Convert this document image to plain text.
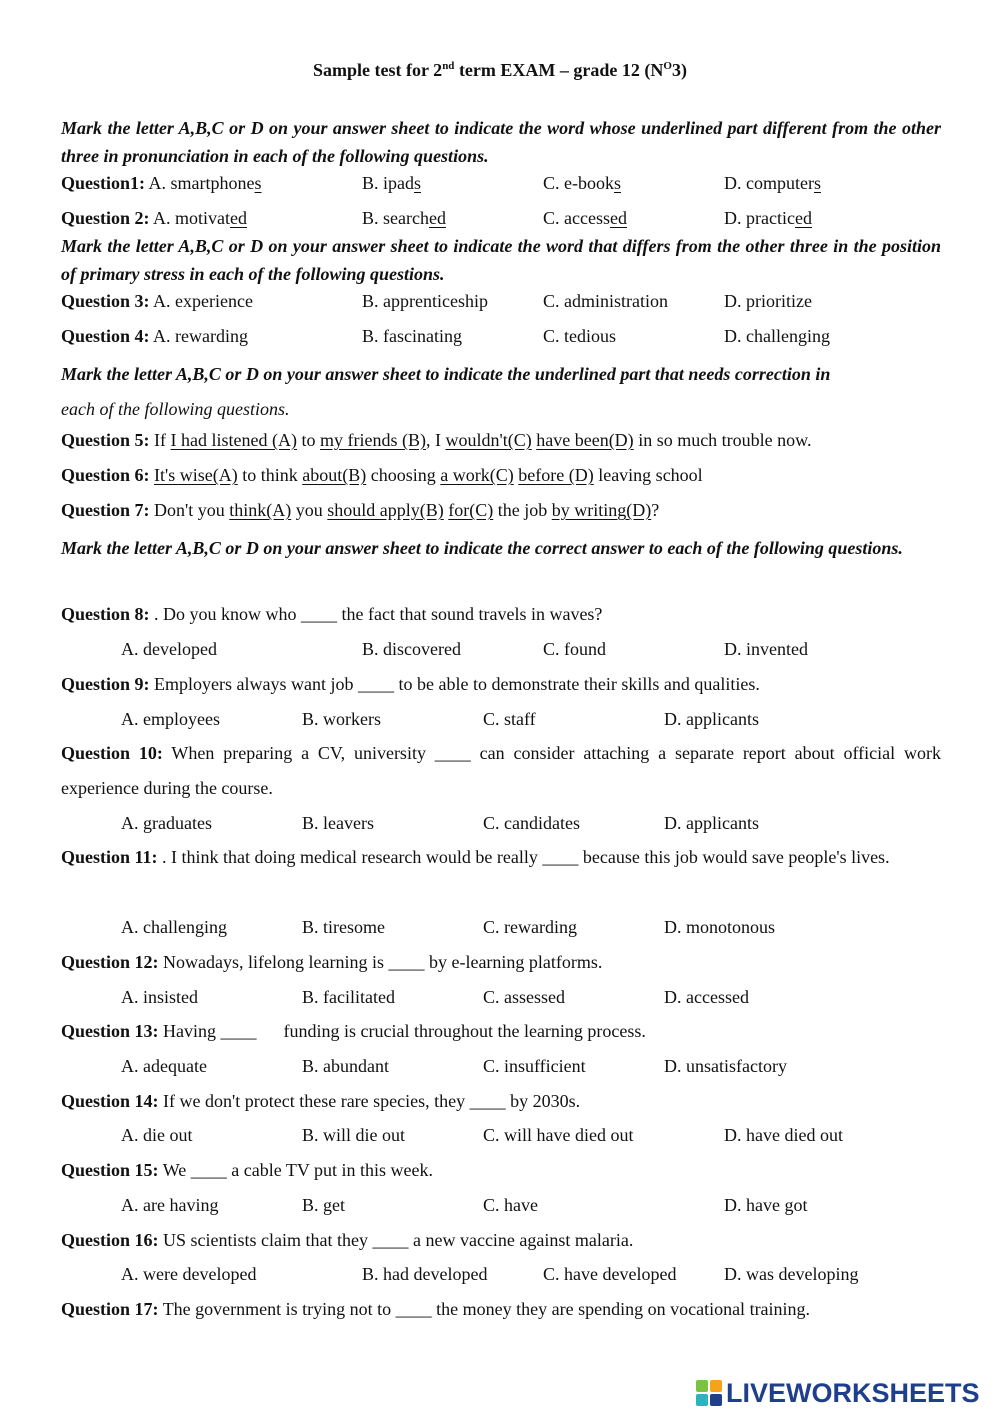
Sample test for 2nd term EXAM – grade 12 $(N^O3)$
Mark the letter A,B,C or D on your answer sheet to indicate the word whose underlined part different from the other three in pronunciation in each of the following questions.
Question1: A. smartphones	B. ipads	C. e-books	D. computers
Question 2: A. motivated	B. searched	C. accessed	D. practiced
Mark the letter A,B,C or D on your answer sheet to indicate the word that differs from the other three in the position of primary stress in each of the following questions.
Question 3: A. experience	B. apprenticeship	C. administration	D. prioritize
Question 4: A. rewarding	B. fascinating	C. tedious	D. challenging
Mark the letter A,B,C or D on your answer sheet to indicate the underlined part that needs correction in
each of the following questions.
Question 5: If I had listened (A) to my friends (B), I wouldn't(C) have been(D) in so much trouble now.
Question 6: It's wise(A) to think about(B) choosing a work(C) before (D) leaving school
Question 7: Don't you think(A) you should apply(B) for(C) the job by writing(D)?
Mark the letter A,B,C or D on your answer sheet to indicate the correct answer to each of the following questions.
Question 8: . Do you know who ____ the fact that sound travels in waves?
A. developed	B. discovered	C. found	D. invented
Question 9: Employers always want job ____ to be able to demonstrate their skills and qualities.
A. employees	B. workers	C. staff	D. applicants
Question 10: When preparing a CV, university ____ can consider attaching a separate report about official work experience during the course.
A. graduates	B. leavers	C. candidates	D. applicants
Question 11: . I think that doing medical research would be really ____ because this job would save people's lives.
A. challenging	B. tiresome	C. rewarding	D. monotonous
Question 12: Nowadays, lifelong learning is ____ by e-learning platforms.
A. insisted	B. facilitated	C. assessed	D. accessed
Question 13: Having ____      funding is crucial throughout the learning process.
A. adequate	B. abundant	C. insufficient	D. unsatisfactory
Question 14: If we don't protect these rare species, they ____ by 2030s.
A. die out	B. will die out	C. will have died out	D. have died out
Question 15: We ____ a cable TV put in this week.
A. are having	B. get	C. have	D. have got
Question 16: US scientists claim that they ____ a new vaccine against malaria.
A. were developed	B. had developed	C. have developed	D. was developing
Question 17: The government is trying not to ____ the money they are spending on vocational training.
LIVEWORKSHEETS
